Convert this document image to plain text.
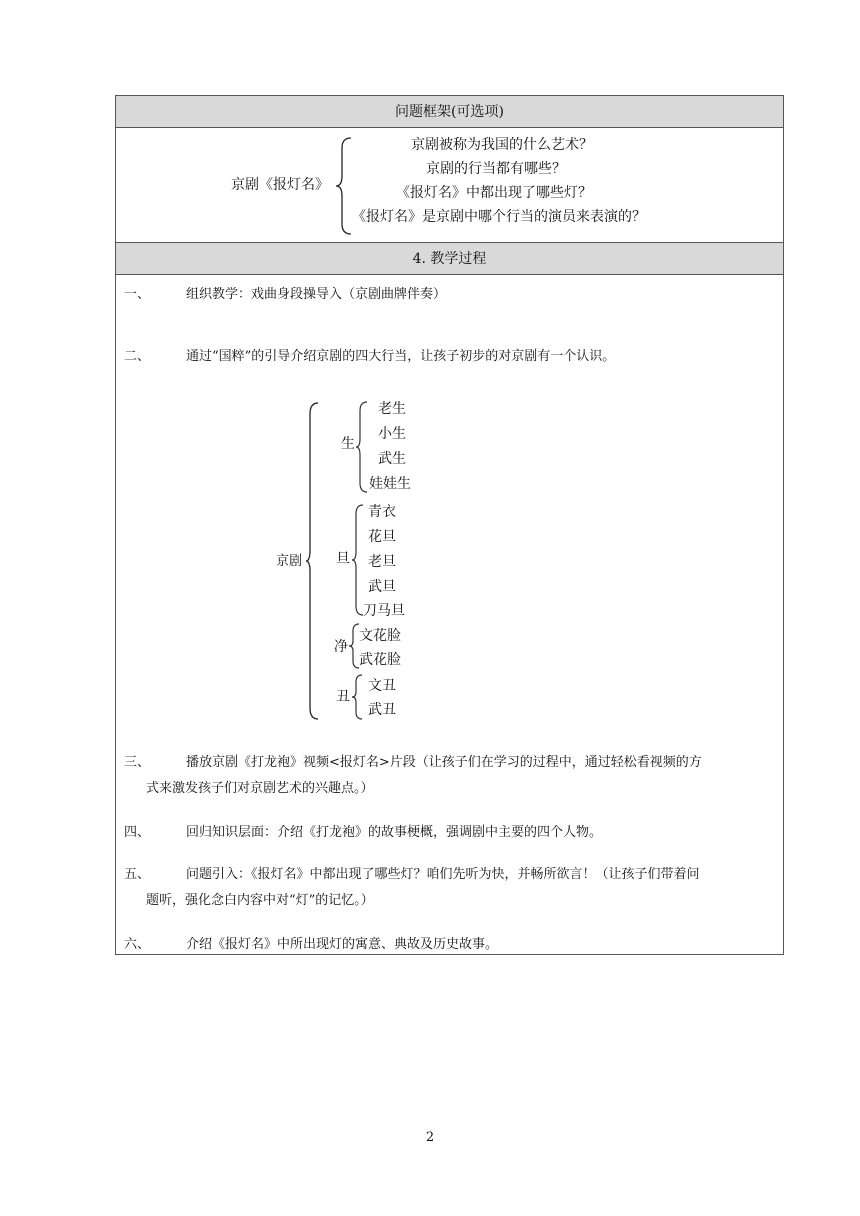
问题框架(可选项)
京剧《报灯名》
京剧被称为我国的什么艺术？
京剧的行当都有哪些？
《报灯名》中都出现了哪些灯？
《报灯名》是京剧中哪个行当的演员来表演的？
4. 教学过程
一、	组织教学：戏曲身段操导入（京剧曲牌伴奏）
二、	通过“国粹”的引导介绍京剧的四大行当，让孩子初步的对京剧有一个认识。
京剧
生
老生
小生
武生
娃娃生
旦
青衣
花旦
老旦
武旦
刀马旦
净
文花脸
武花脸
丑
文丑
武丑
三、	播放京剧《打龙袍》视频<报灯名>片段（让孩子们在学习的过程中，通过轻松看视频的方
式来激发孩子们对京剧艺术的兴趣点。）
四、	回归知识层面：介绍《打龙袍》的故事梗概，强调剧中主要的四个人物。
五、	问题引入：《报灯名》中都出现了哪些灯？咱们先听为快，并畅所欲言！（让孩子们带着问
题听，强化念白内容中对“灯”的记忆。）
六、	介绍《报灯名》中所出现灯的寓意、典故及历史故事。
2
